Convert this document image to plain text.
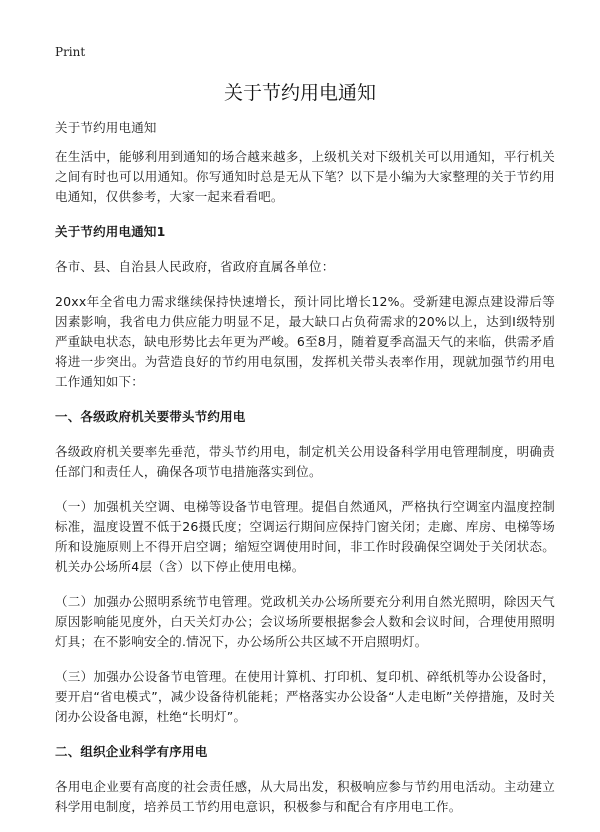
Print
关于节约用电通知

关于节约用电通知

在生活中，能够利用到通知的场合越来越多，上级机关对下级机关可以用通知，平行机关之间有时也可以用通知。你写通知时总是无从下笔？以下是小编为大家整理的关于节约用电通知，仅供参考，大家一起来看看吧。

关于节约用电通知1

各市、县、自治县人民政府，省政府直属各单位：

20xx年全省电力需求继续保持快速增长，预计同比增长12%。受新建电源点建设滞后等因素影响，我省电力供应能力明显不足，最大缺口占负荷需求的20%以上，达到Ⅰ级特别严重缺电状态，缺电形势比去年更为严峻。6至8月，随着夏季高温天气的来临，供需矛盾将进一步突出。为营造良好的节约用电氛围，发挥机关带头表率作用，现就加强节约用电工作通知如下：

一、各级政府机关要带头节约用电

各级政府机关要率先垂范，带头节约用电，制定机关公用设备科学用电管理制度，明确责任部门和责任人，确保各项节电措施落实到位。

（一）加强机关空调、电梯等设备节电管理。提倡自然通风，严格执行空调室内温度控制标准，温度设置不低于26摄氏度；空调运行期间应保持门窗关闭；走廊、库房、电梯等场所和设施原则上不得开启空调；缩短空调使用时间，非工作时段确保空调处于关闭状态。机关办公场所4层（含）以下停止使用电梯。

（二）加强办公照明系统节电管理。党政机关办公场所要充分利用自然光照明，除因天气原因影响能见度外，白天关灯办公；会议场所要根据参会人数和会议时间，合理使用照明灯具；在不影响安全的.情况下，办公场所公共区域不开启照明灯。

（三）加强办公设备节电管理。在使用计算机、打印机、复印机、碎纸机等办公设备时，要开启“省电模式”，减少设备待机能耗；严格落实办公设备“人走电断”关停措施，及时关闭办公设备电源，杜绝“长明灯”。

二、组织企业科学有序用电

各用电企业要有高度的社会责任感，从大局出发，积极响应参与节约用电活动。主动建立科学用电制度，培养员工节约用电意识，积极参与和配合有序用电工作。
